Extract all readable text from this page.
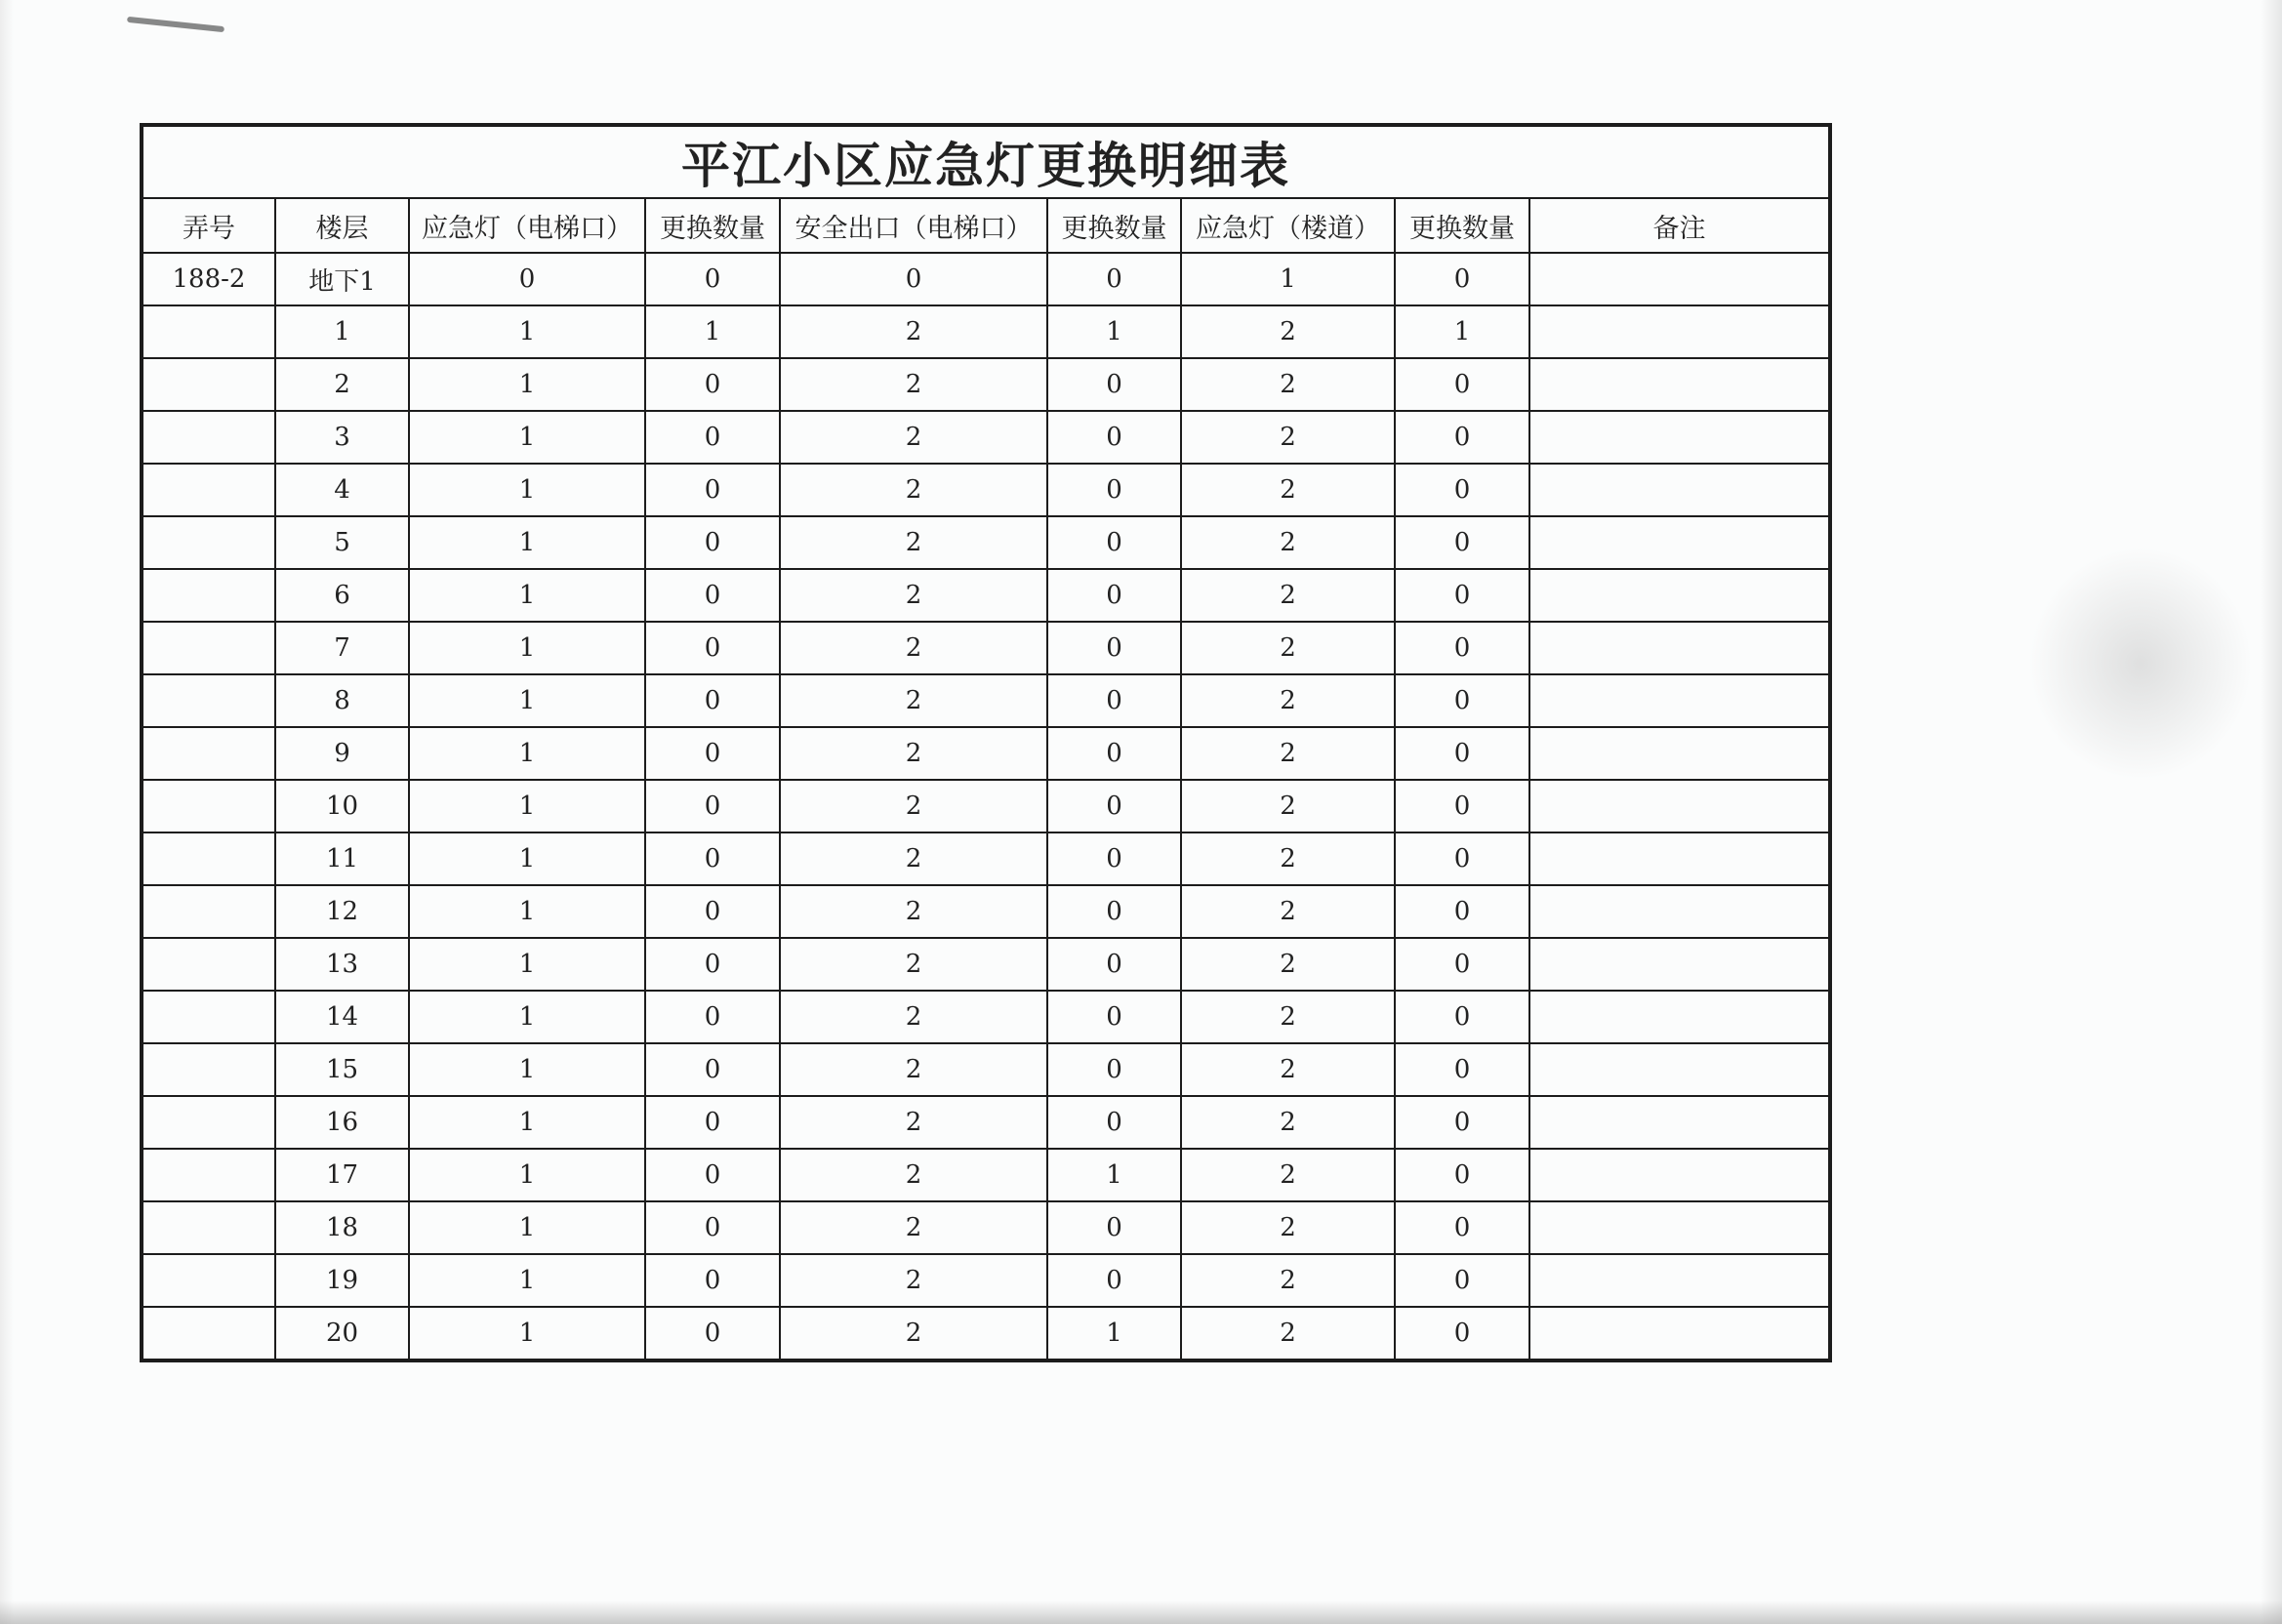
平江小区应急灯更换明细表								
弄号	楼层	应急灯（电梯口）	更换数量	安全出口（电梯口）	更换数量	应急灯（楼道）	更换数量	备注
188-2	地下1	0	0	0	0	1	0	
	1	1	1	2	1	2	1	
	2	1	0	2	0	2	0	
	3	1	0	2	0	2	0	
	4	1	0	2	0	2	0	
	5	1	0	2	0	2	0	
	6	1	0	2	0	2	0	
	7	1	0	2	0	2	0	
	8	1	0	2	0	2	0	
	9	1	0	2	0	2	0	
	10	1	0	2	0	2	0	
	11	1	0	2	0	2	0	
	12	1	0	2	0	2	0	
	13	1	0	2	0	2	0	
	14	1	0	2	0	2	0	
	15	1	0	2	0	2	0	
	16	1	0	2	0	2	0	
	17	1	0	2	1	2	0	
	18	1	0	2	0	2	0	
	19	1	0	2	0	2	0	
	20	1	0	2	1	2	0	
